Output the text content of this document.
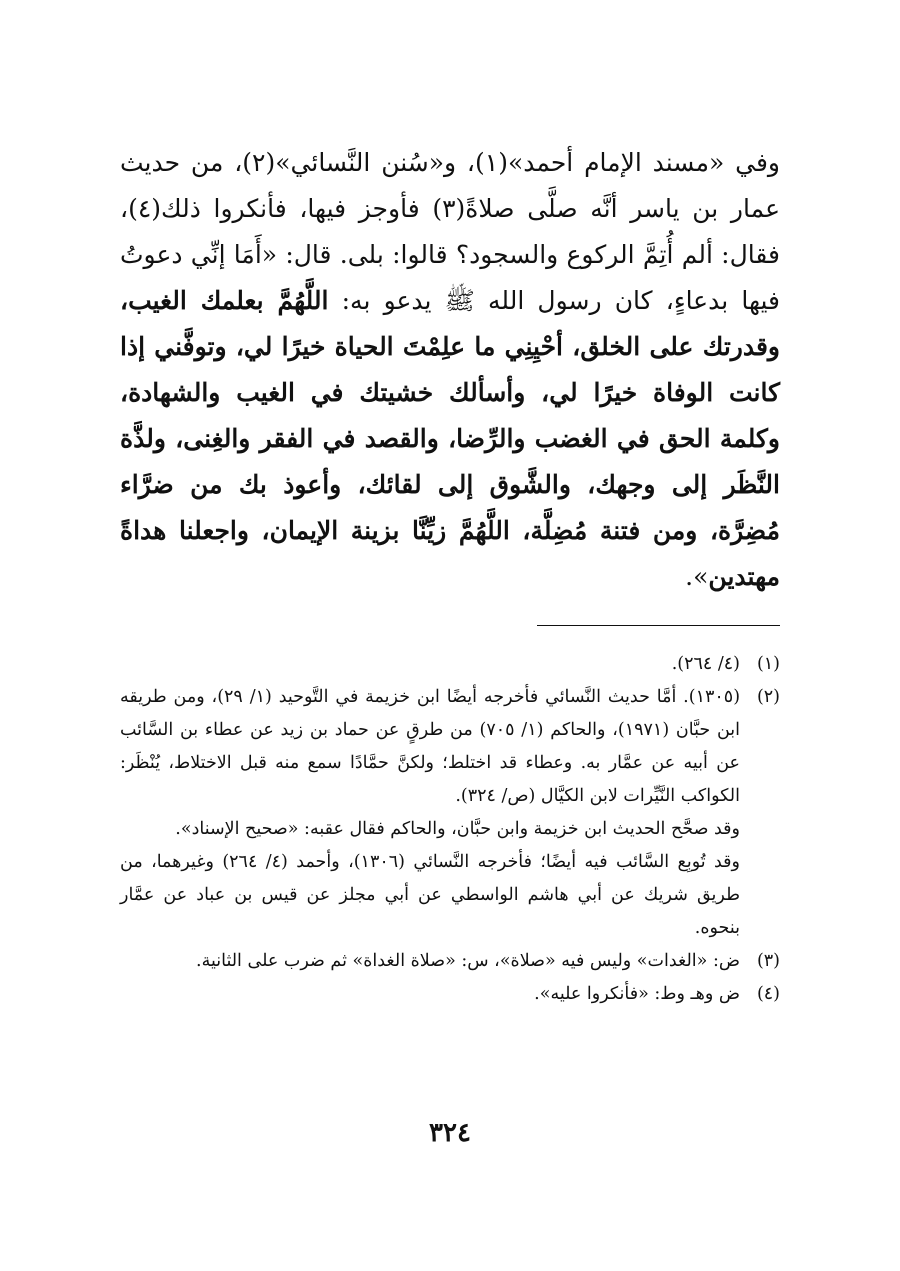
وفي «مسند الإمام أحمد»(١)، و«سُنن النَّسائي»(٢)، من حديث عمار بن ياسر أنَّه صلَّى صلاةً(٣) فأوجز فيها، فأنكروا ذلك(٤)، فقال: ألم أُتِمَّ الركوع والسجود؟ قالوا: بلى. قال: «أَمَا إنِّي دعوتُ فيها بدعاءٍ، كان رسول الله ﷺ يدعو به: اللَّهُمَّ بعلمك الغيب، وقدرتك على الخلق، أحْيِنِي ما علِمْتَ الحياة خيرًا لي، وتوفَّني إذا كانت الوفاة خيرًا لي، وأسألك خشيتك في الغيب والشهادة، وكلمة الحق في الغضب والرِّضا، والقصد في الفقر والغِنى، ولذَّة النَّظَر إلى وجهك، والشَّوق إلى لقائك، وأعوذ بك من ضرَّاء مُضِرَّة، ومن فتنة مُضِلَّة، اللَّهُمَّ زيِّنَّا بزينة الإيمان، واجعلنا هداةً مهتدين».

(١)
(٤/ ٢٦٤).
(٢)
(١٣٠٥). أمَّا حديث النَّسائي فأخرجه أيضًا ابن خزيمة في التَّوحيد (١/ ٢٩)، ومن طريقه ابن حبَّان (١٩٧١)، والحاكم (١/ ٧٠٥) من طرقٍ عن حماد بن زيد عن عطاء بن السَّائب عن أبيه عن عمَّار به. وعطاء قد اختلط؛ ولكنَّ حمَّادًا سمع منه قبل الاختلاط، يُنْظَر: الكواكب النَّيِّرات لابن الكيَّال (ص/ ٣٢٤).
وقد صحَّح الحديث ابن خزيمة وابن حبَّان، والحاكم فقال عقبه: «صحيح الإسناد».
وقد تُوبِع السَّائب فيه أيضًا؛ فأخرجه النَّسائي (١٣٠٦)، وأحمد (٤/ ٢٦٤) وغيرهما، من طريق شريك عن أبي هاشم الواسطي عن أبي مجلز عن قيس بن عباد عن عمَّار بنحوه.
(٣)
ض: «الغدات» وليس فيه «صلاة»، س: «صلاة الغداة» ثم ضرب على الثانية.
(٤)
ض وهـ وط: «فأنكروا عليه».
٣٢٤
